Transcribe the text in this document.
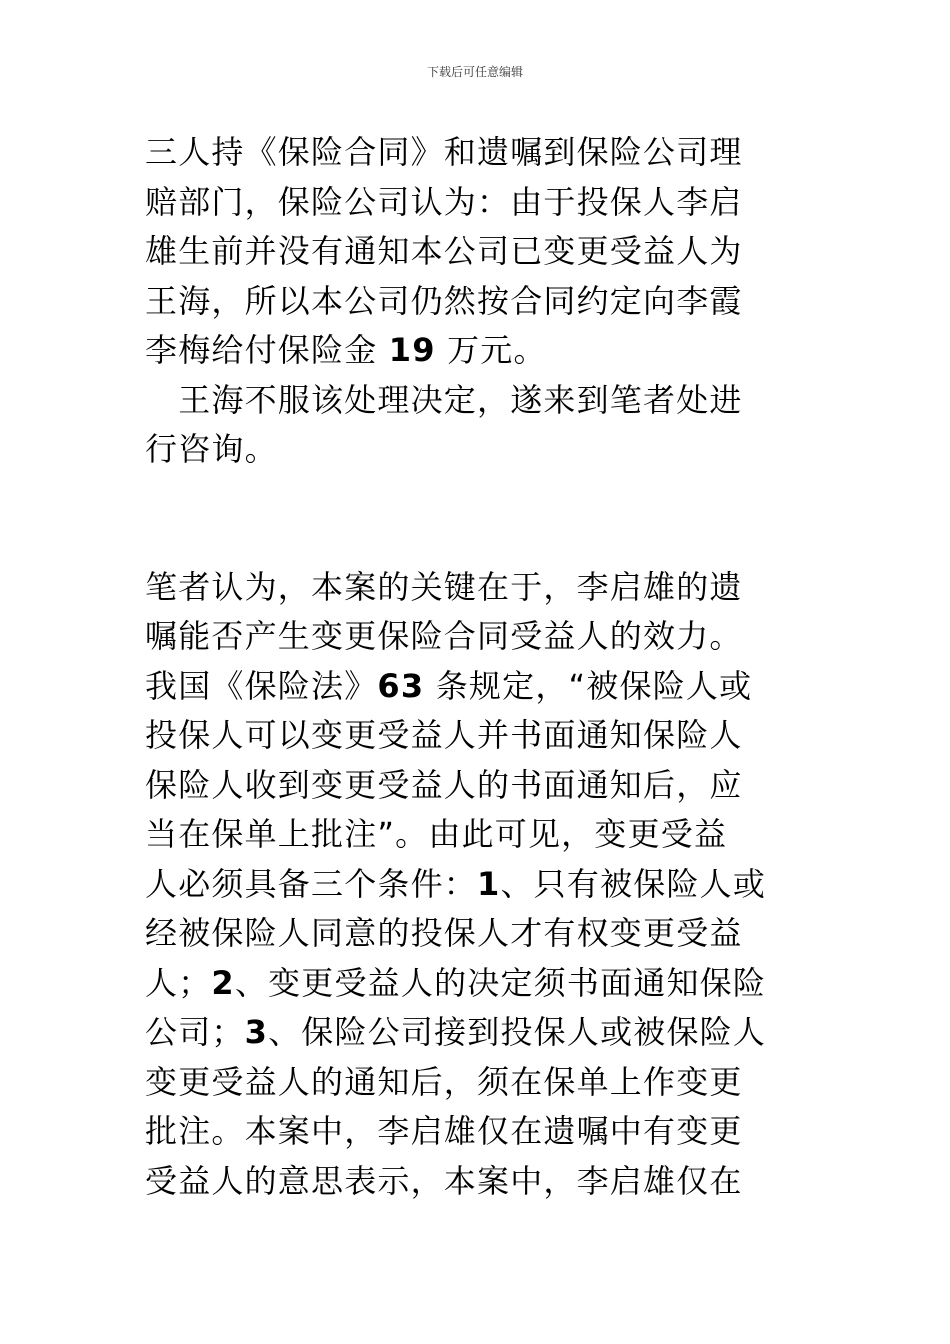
下载后可任意编辑
三人持《保险合同》和遗嘱到保险公司理
赔部门，保险公司认为：由于投保人李启
雄生前并没有通知本公司已变更受益人为
王海，所以本公司仍然按合同约定向李霞
李梅给付保险金 19 万元。
　王海不服该处理决定，遂来到笔者处进
行咨询。
笔者认为，本案的关键在于，李启雄的遗
嘱能否产生变更保险合同受益人的效力。
我国《保险法》63 条规定，“被保险人或
投保人可以变更受益人并书面通知保险人
保险人收到变更受益人的书面通知后，应
当在保单上批注”。由此可见，变更受益
人必须具备三个条件：1、只有被保险人或
经被保险人同意的投保人才有权变更受益
人；2、变更受益人的决定须书面通知保险
公司；3、保险公司接到投保人或被保险人
变更受益人的通知后，须在保单上作变更
批注。本案中，李启雄仅在遗嘱中有变更
受益人的意思表示，本案中，李启雄仅在
